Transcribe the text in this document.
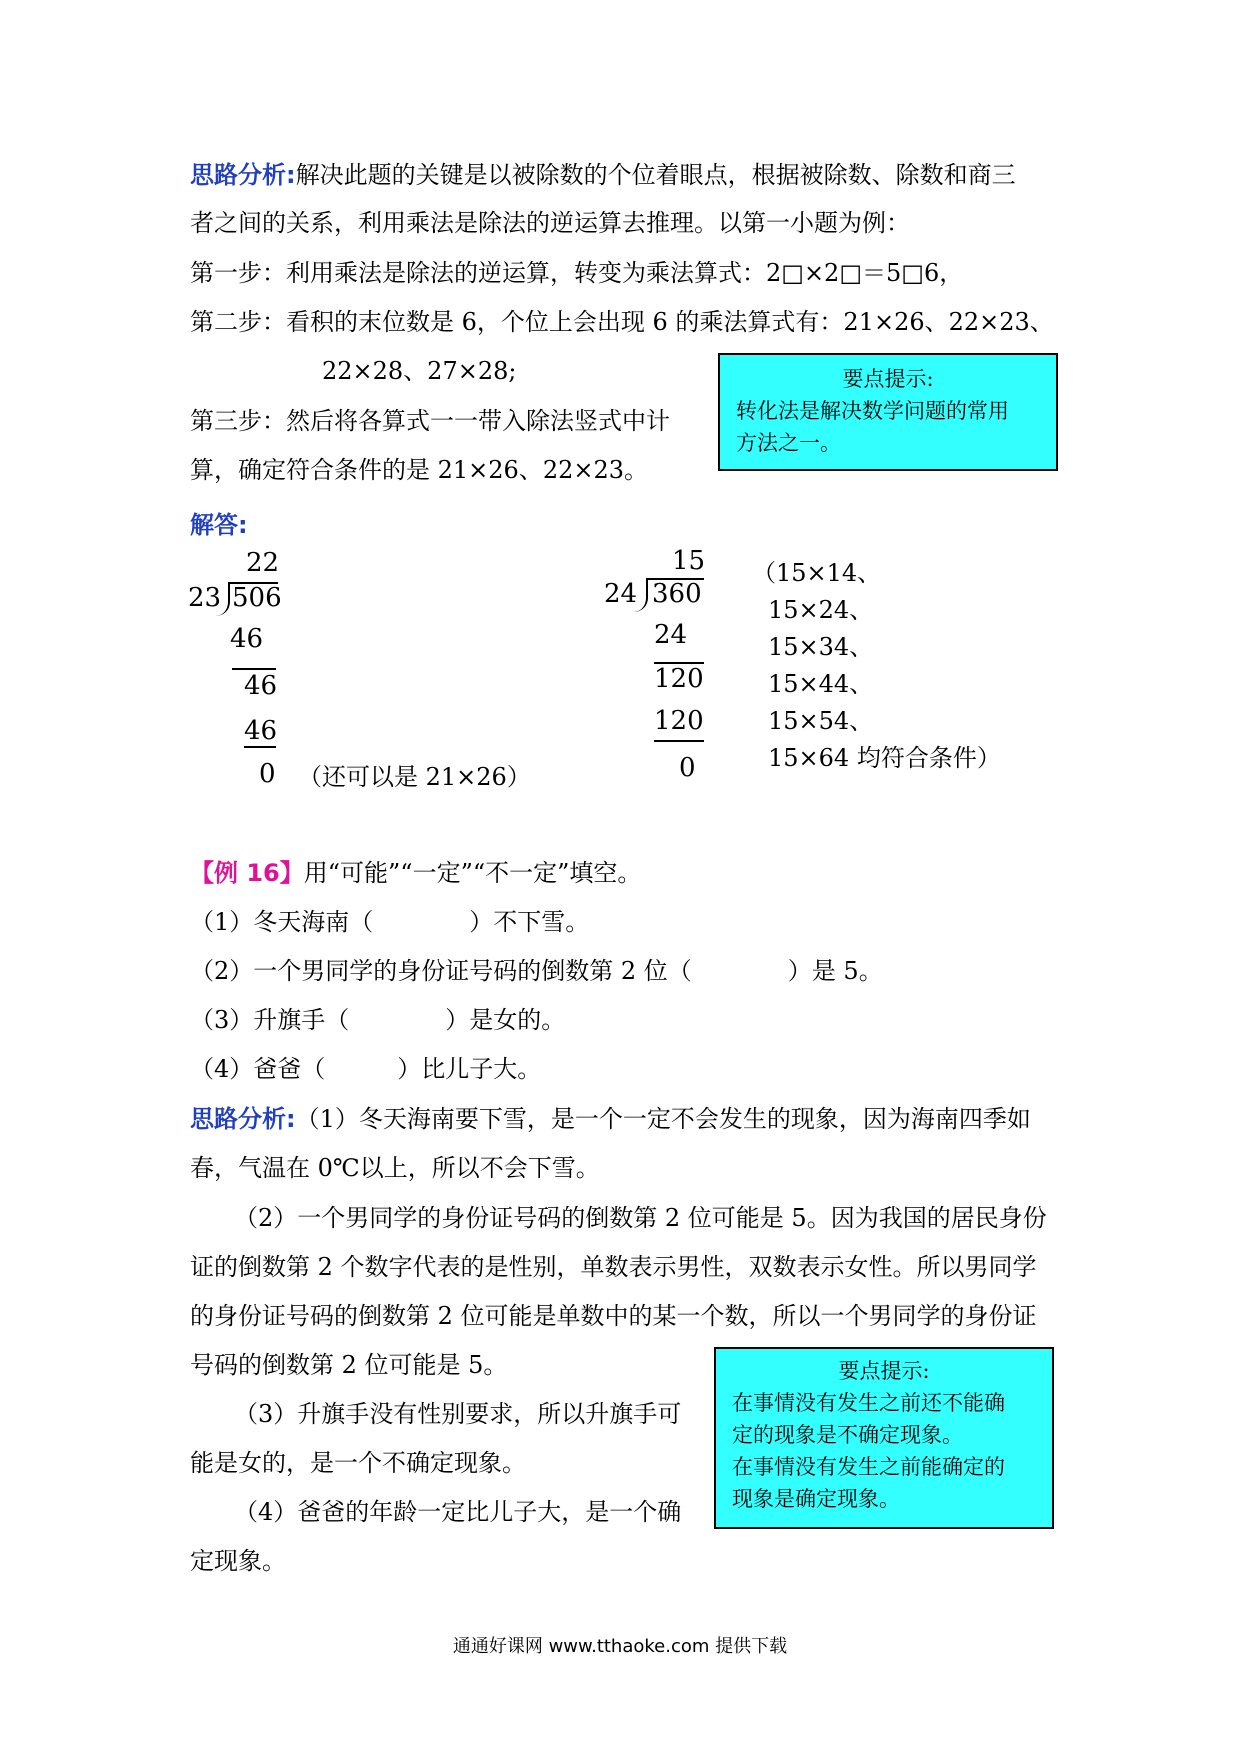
思路分析:解决此题的关键是以被除数的个位着眼点，根据被除数、除数和商三
者之间的关系，利用乘法是除法的逆运算去推理。以第一小题为例：
第一步：利用乘法是除法的逆运算，转变为乘法算式：2□×2□＝5□6，
第二步：看积的末位数是 6，个位上会出现 6 的乘法算式有：21×26、22×23、
22×28、27×28;
第三步：然后将各算式一一带入除法竖式中计
算，确定符合条件的是 21×26、22×23。
要点提示:
转化法是解决数学问题的常用
方法之一。
解答:
22
23 506
46
46
46
0 （还可以是 21×26）
15
24 360
24
120
120
0
（15×14、
15×24、
15×34、
15×44、
15×54、
15×64 均符合条件）
【例 16】用“可能”“一定”“不一定”填空。
（1）冬天海南（　　　　）不下雪。
（2）一个男同学的身份证号码的倒数第 2 位（　　　　）是 5。
（3）升旗手（　　　　）是女的。
（4）爸爸（　　　）比儿子大。
思路分析:（1）冬天海南要下雪，是一个一定不会发生的现象，因为海南四季如
春，气温在 0℃以上，所以不会下雪。
（2）一个男同学的身份证号码的倒数第 2 位可能是 5。因为我国的居民身份
证的倒数第 2 个数字代表的是性别，单数表示男性，双数表示女性。所以男同学
的身份证号码的倒数第 2 位可能是单数中的某一个数，所以一个男同学的身份证
号码的倒数第 2 位可能是 5。
（3）升旗手没有性别要求，所以升旗手可
能是女的，是一个不确定现象。
（4）爸爸的年龄一定比儿子大，是一个确
定现象。
要点提示:
在事情没有发生之前还不能确
定的现象是不确定现象。
在事情没有发生之前能确定的
现象是确定现象。
通通好课网 www.tthaoke.com 提供下载
